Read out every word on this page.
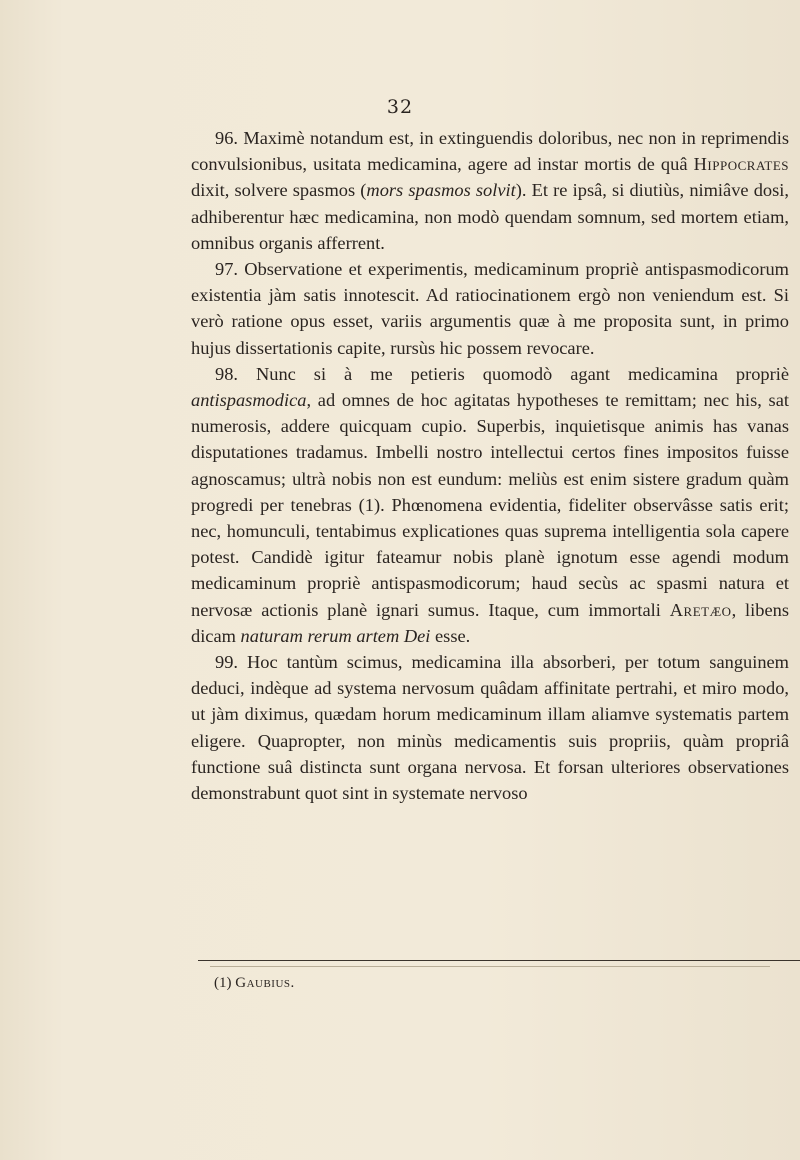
32

96. Maximè notandum est, in extinguendis doloribus, nec non in reprimendis convulsionibus, usitata medicamina, agere ad instar mortis de quâ Hippocrates dixit, solvere spasmos (mors spasmos solvit). Et re ipsâ, si diutiùs, nimiâve dosi, adhiberentur hæc medicamina, non modò quendam somnum, sed mortem etiam, omnibus organis afferrent.

97. Observatione et experimentis, medicaminum propriè antispasmodicorum existentia jàm satis innotescit. Ad ratiocinationem ergò non veniendum est. Si verò ratione opus esset, variis argumentis quæ à me proposita sunt, in primo hujus dissertationis capite, rursùs hic possem revocare.

98. Nunc si à me petieris quomodò agant medicamina propriè antispasmodica, ad omnes de hoc agitatas hypotheses te remittam; nec his, sat numerosis, addere quicquam cupio. Superbis, inquietisque animis has vanas disputationes tradamus. Imbelli nostro intellectui certos fines impositos fuisse agnoscamus; ultrà nobis non est eundum: meliùs est enim sistere gradum quàm progredi per tenebras (1). Phœnomena evidentia, fideliter observâsse satis erit; nec, homunculi, tentabimus explicationes quas suprema intelligentia sola capere potest. Candidè igitur fateamur nobis planè ignotum esse agendi modum medicaminum propriè antispasmodicorum; haud secùs ac spasmi natura et nervosæ actionis planè ignari sumus. Itaque, cum immortali Aretæo, libens dicam naturam rerum artem Dei esse.

99. Hoc tantùm scimus, medicamina illa absorberi, per totum sanguinem deduci, indèque ad systema nervosum quâdam affinitate pertrahi, et miro modo, ut jàm diximus, quædam horum medicaminum illam aliamve systematis partem eligere. Quapropter, non minùs medicamentis suis propriis, quàm propriâ functione suâ distincta sunt organa nervosa. Et forsan ulteriores observationes demonstrabunt quot sint in systemate nervoso

(1) Gaubius.
